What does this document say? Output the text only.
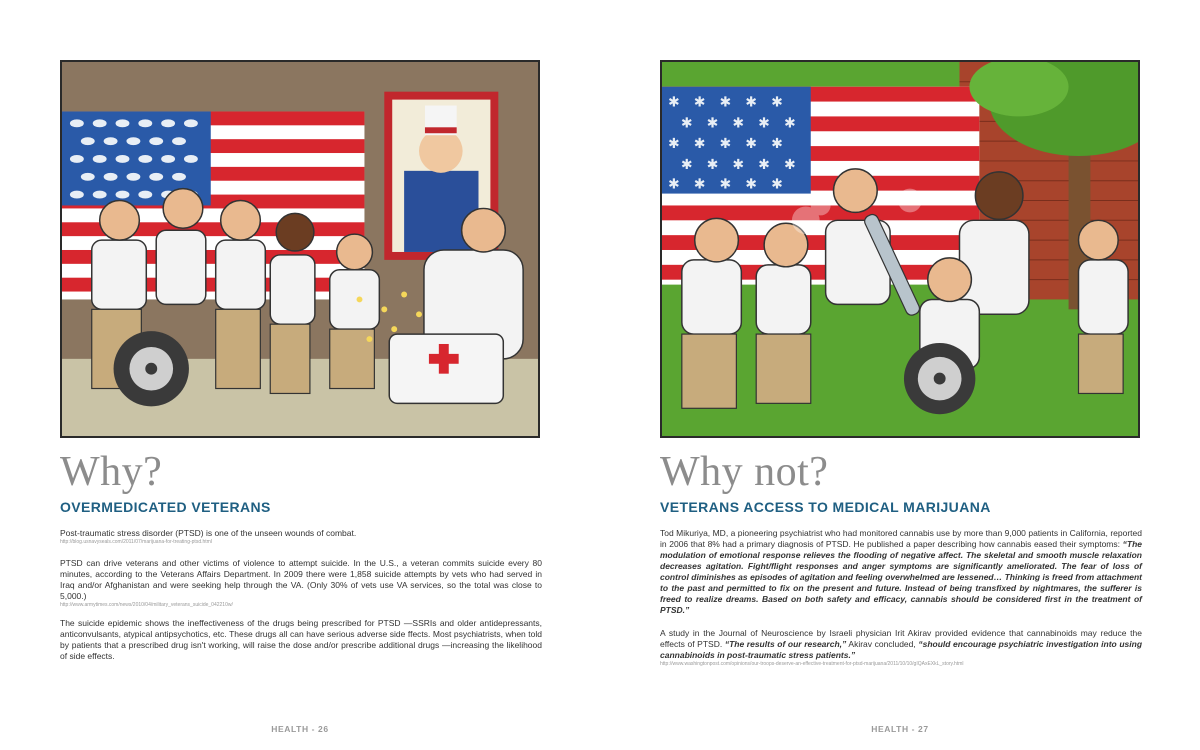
Why?
OVERMEDICATED VETERANS

Post-traumatic stress disorder (PTSD) is one of the unseen wounds of combat.

http://blog.usnavyseals.com/2011/07/marijuana-for-treating-ptsd.html

PTSD can drive veterans and other victims of violence to attempt suicide. In the U.S., a veteran commits suicide every 80 minutes, according to the Veterans Affairs Department. In 2009 there were 1,858 suicide attempts by vets who had served in Iraq and/or Afghanistan and were seeking help through the VA. (Only 30% of vets use VA services, so the total was close to 5,000.)

http://www.armytimes.com/news/2010/04/military_veterans_suicide_042210w/

The suicide epidemic shows the ineffectiveness of the drugs being prescribed for PTSD —SSRIs and older antidepressants, anticonvulsants, atypical antipsychotics, etc. These drugs all can have serious adverse side ffects. Most psychiatrists, when told by patients that a prescribed drug isn't working, will raise the dose and/or prescribe additional drugs —increasing the likelihood of side effects.

HEALTH - 26
✱ ✱ ✱ ✱ ✱
✱ ✱ ✱ ✱ ✱
✱ ✱ ✱ ✱ ✱
✱ ✱ ✱ ✱ ✱
✱ ✱ ✱ ✱ ✱
Why not?
VETERANS ACCESS TO MEDICAL MARIJUANA

Tod Mikuriya, MD, a pioneering psychiatrist who had monitored cannabis use by more than 9,000 patients in California, reported in 2006 that 8% had a primary diagnosis of PTSD. He published a paper describing how cannabis eased their symptoms: “The modulation of emotional response relieves the flooding of negative affect. The skeletal and smooth muscle relaxation decreases agitation. Fight/flight responses and anger symptoms are significantly ameliorated. The fear of loss of control diminishes as episodes of agitation and feeling overwhelmed are lessened… Thinking is freed from attachment to the past and permitted to fix on the present and future. Instead of being transfixed by nightmares, the sufferer is freed to realize dreams. Based on both safety and efficacy, cannabis should be considered first in the treatment of PTSD.”

A study in the Journal of Neuroscience by Israeli physician Irit Akirav provided evidence that cannabinoids may reduce the effects of PTSD. “The results of our research,” Akirav concluded, “should encourage psychiatric investigation into using cannabinoids in post-traumatic stress patients.”

http://www.washingtonpost.com/opinions/our-troops-deserve-an-effective-treatment-for-ptsd-marijuana/2011/10/10/gIQAxEXkL_story.html
HEALTH - 27
